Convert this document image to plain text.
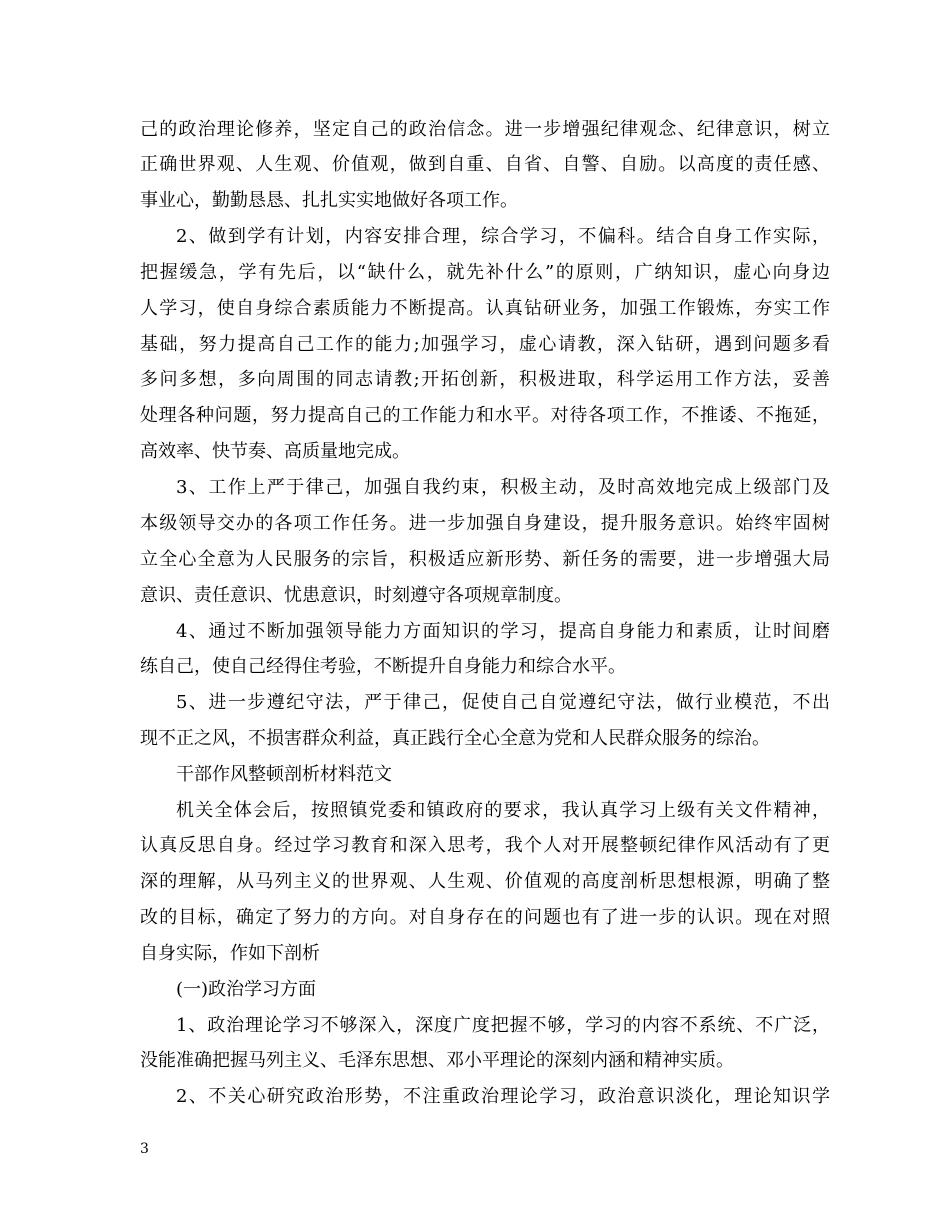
己的政治理论修养，坚定自己的政治信念。进一步增强纪律观念、纪律意识，树立
正确世界观、人生观、价值观，做到自重、自省、自警、自励。以高度的责任感、
事业心，勤勤恳恳、扎扎实实地做好各项工作。
2、做到学有计划，内容安排合理，综合学习，不偏科。结合自身工作实际，
把握缓急，学有先后，以“缺什么，就先补什么”的原则，广纳知识，虚心向身边
人学习，使自身综合素质能力不断提高。认真钻研业务，加强工作锻炼，夯实工作
基础，努力提高自己工作的能力;加强学习，虚心请教，深入钻研，遇到问题多看
多问多想，多向周围的同志请教;开拓创新，积极进取，科学运用工作方法，妥善
处理各种问题，努力提高自己的工作能力和水平。对待各项工作，不推诿、不拖延，
高效率、快节奏、高质量地完成。
3、工作上严于律己，加强自我约束，积极主动，及时高效地完成上级部门及
本级领导交办的各项工作任务。进一步加强自身建设，提升服务意识。始终牢固树
立全心全意为人民服务的宗旨，积极适应新形势、新任务的需要，进一步增强大局
意识、责任意识、忧患意识，时刻遵守各项规章制度。
4、通过不断加强领导能力方面知识的学习，提高自身能力和素质，让时间磨
练自己，使自己经得住考验，不断提升自身能力和综合水平。
5、进一步遵纪守法，严于律己，促使自己自觉遵纪守法，做行业模范，不出
现不正之风，不损害群众利益，真正践行全心全意为党和人民群众服务的综治。
干部作风整顿剖析材料范文
机关全体会后，按照镇党委和镇政府的要求，我认真学习上级有关文件精神，
认真反思自身。经过学习教育和深入思考，我个人对开展整顿纪律作风活动有了更
深的理解，从马列主义的世界观、人生观、价值观的高度剖析思想根源，明确了整
改的目标，确定了努力的方向。对自身存在的问题也有了进一步的认识。现在对照
自身实际，作如下剖析
(一)政治学习方面
1、政治理论学习不够深入，深度广度把握不够，学习的内容不系统、不广泛，
没能准确把握马列主义、毛泽东思想、邓小平理论的深刻内涵和精神实质。
2、不关心研究政治形势，不注重政治理论学习，政治意识淡化，理论知识学
3
